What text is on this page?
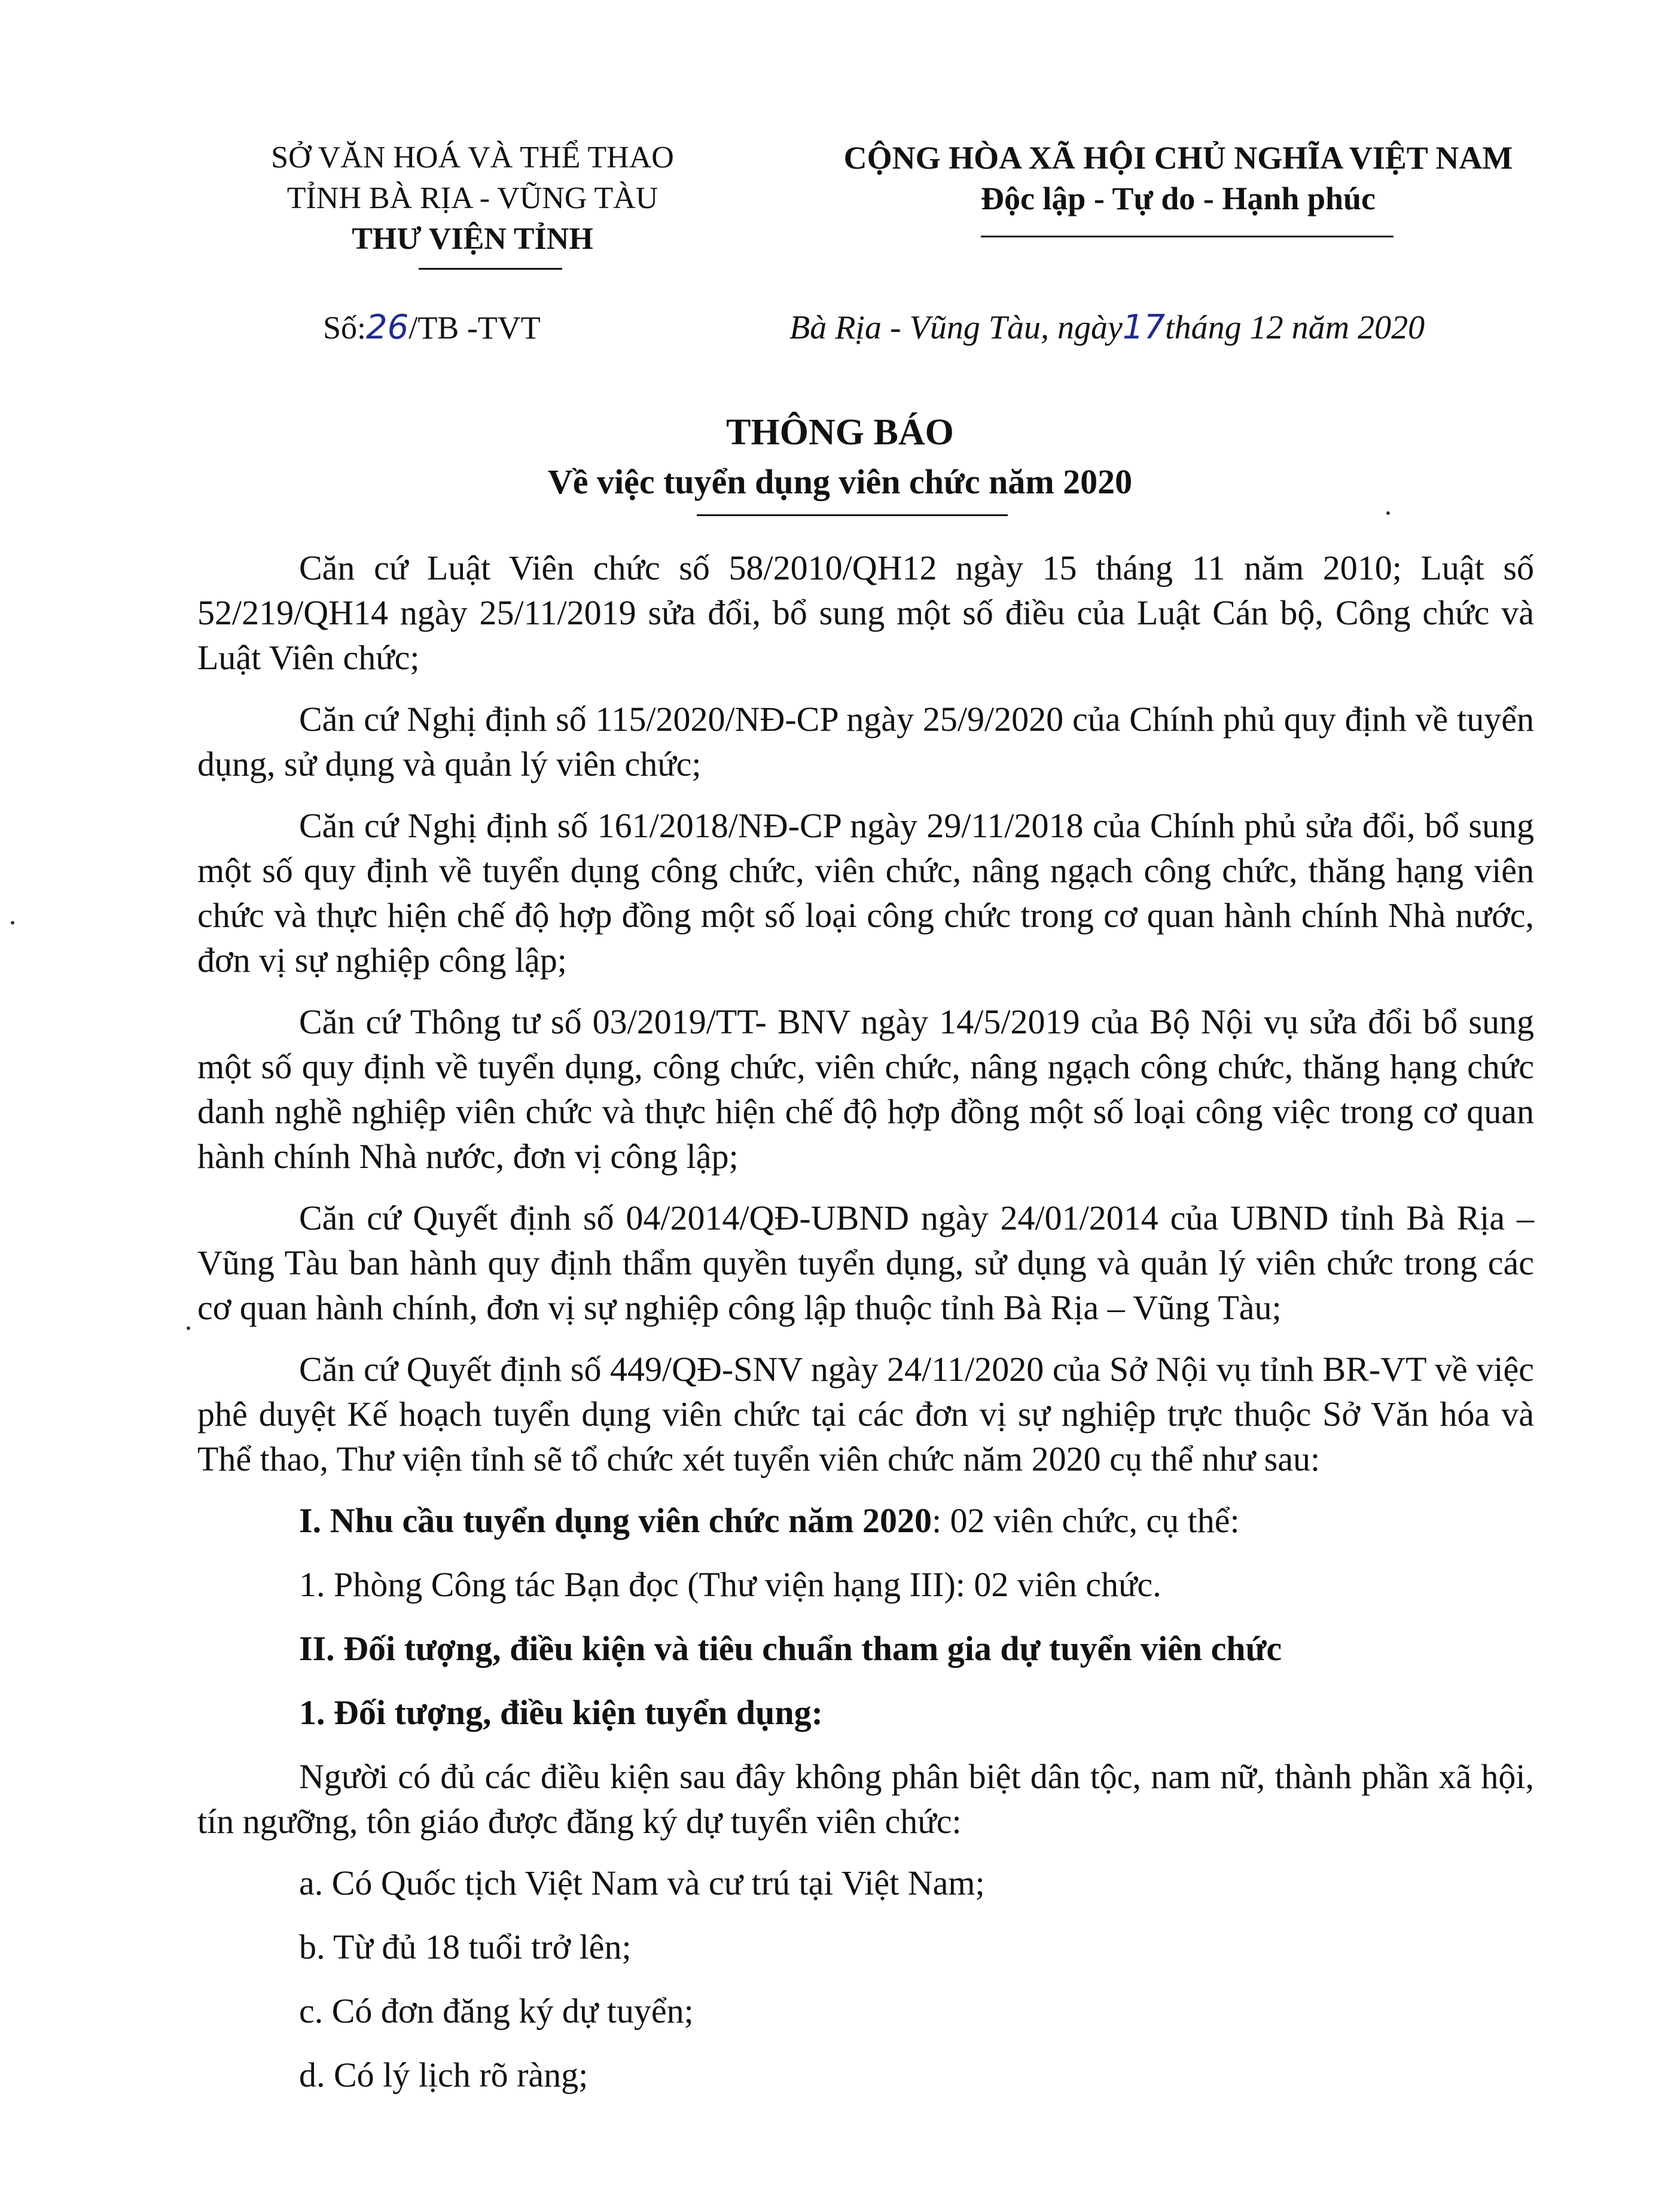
SỞ VĂN HOÁ VÀ THỂ THAO
TỈNH BÀ RỊA - VŨNG TÀU
THƯ VIỆN TỈNH
CỘNG HÒA XÃ HỘI CHỦ NGHĨA VIỆT NAM
Độc lập - Tự do - Hạnh phúc
Số:26/TB -TVT	Bà Rịa - Vũng Tàu, ngày17tháng 12 năm 2020
THÔNG BÁO
Về việc tuyển dụng viên chức năm 2020

Căn cứ Luật Viên chức số 58/2010/QH12 ngày 15 tháng 11 năm 2010; Luật số 52/219/QH14 ngày 25/11/2019 sửa đổi, bổ sung một số điều của Luật Cán bộ, Công chức và Luật Viên chức;

Căn cứ Nghị định số 115/2020/NĐ-CP ngày 25/9/2020 của Chính phủ quy định về tuyển dụng, sử dụng và quản lý viên chức;

Căn cứ Nghị định số 161/2018/NĐ-CP ngày 29/11/2018 của Chính phủ sửa đổi, bổ sung một số quy định về tuyển dụng công chức, viên chức, nâng ngạch công chức, thăng hạng viên chức và thực hiện chế độ hợp đồng một số loại công chức trong cơ quan hành chính Nhà nước, đơn vị sự nghiệp công lập;

Căn cứ Thông tư số 03/2019/TT- BNV ngày 14/5/2019 của Bộ Nội vụ sửa đổi bổ sung một số quy định về tuyển dụng, công chức, viên chức, nâng ngạch công chức, thăng hạng chức danh nghề nghiệp viên chức và thực hiện chế độ hợp đồng một số loại công việc trong cơ quan hành chính Nhà nước, đơn vị công lập;

Căn cứ Quyết định số 04/2014/QĐ-UBND ngày 24/01/2014 của UBND tỉnh Bà Rịa – Vũng Tàu ban hành quy định thẩm quyền tuyển dụng, sử dụng và quản lý viên chức trong các cơ quan hành chính, đơn vị sự nghiệp công lập thuộc tỉnh Bà Rịa – Vũng Tàu;

Căn cứ Quyết định số 449/QĐ-SNV ngày 24/11/2020 của Sở Nội vụ tỉnh BR-VT về việc phê duyệt Kế hoạch tuyển dụng viên chức tại các đơn vị sự nghiệp trực thuộc Sở Văn hóa và Thể thao, Thư viện tỉnh sẽ tổ chức xét tuyển viên chức năm 2020 cụ thể như sau:

I. Nhu cầu tuyển dụng viên chức năm 2020: 02 viên chức, cụ thể:

1. Phòng Công tác Bạn đọc (Thư viện hạng III): 02 viên chức.

II. Đối tượng, điều kiện và tiêu chuẩn tham gia dự tuyển viên chức

1. Đối tượng, điều kiện tuyển dụng:

Người có đủ các điều kiện sau đây không phân biệt dân tộc, nam nữ, thành phần xã hội, tín ngưỡng, tôn giáo được đăng ký dự tuyển viên chức:

a. Có Quốc tịch Việt Nam và cư trú tại Việt Nam;

b. Từ đủ 18 tuổi trở lên;

c. Có đơn đăng ký dự tuyển;

d. Có lý lịch rõ ràng;
